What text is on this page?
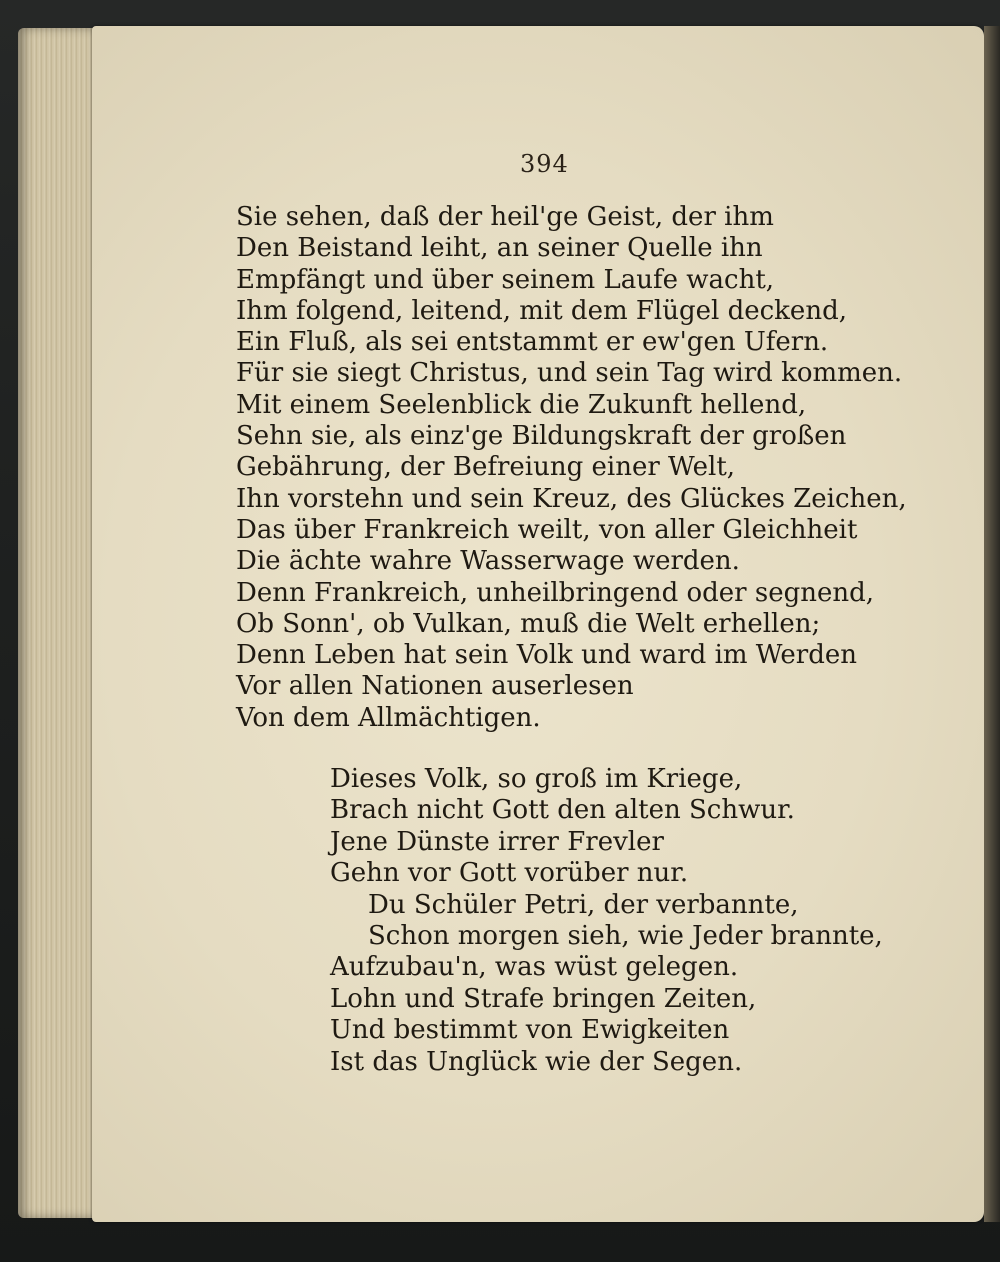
394
Sie sehen, daß der heil'ge Geist, der ihm
Den Beistand leiht, an seiner Quelle ihn
Empfängt und über seinem Laufe wacht,
Ihm folgend, leitend, mit dem Flügel deckend,
Ein Fluß, als sei entstammt er ew'gen Ufern.
Für sie siegt Christus, und sein Tag wird kommen.
Mit einem Seelenblick die Zukunft hellend,
Sehn sie, als einz'ge Bildungskraft der großen
Gebährung, der Befreiung einer Welt,
Ihn vorstehn und sein Kreuz, des Glückes Zeichen,
Das über Frankreich weilt, von aller Gleichheit
Die ächte wahre Wasserwage werden.
Denn Frankreich, unheilbringend oder segnend,
Ob Sonn', ob Vulkan, muß die Welt erhellen;
Denn Leben hat sein Volk und ward im Werden
Vor allen Nationen auserlesen
Von dem Allmächtigen.
Dieses Volk, so groß im Kriege,
Brach nicht Gott den alten Schwur.
Jene Dünste irrer Frevler
Gehn vor Gott vorüber nur.
Du Schüler Petri, der verbannte,
Schon morgen sieh, wie Jeder brannte,
Aufzubau'n, was wüst gelegen.
Lohn und Strafe bringen Zeiten,
Und bestimmt von Ewigkeiten
Ist das Unglück wie der Segen.
